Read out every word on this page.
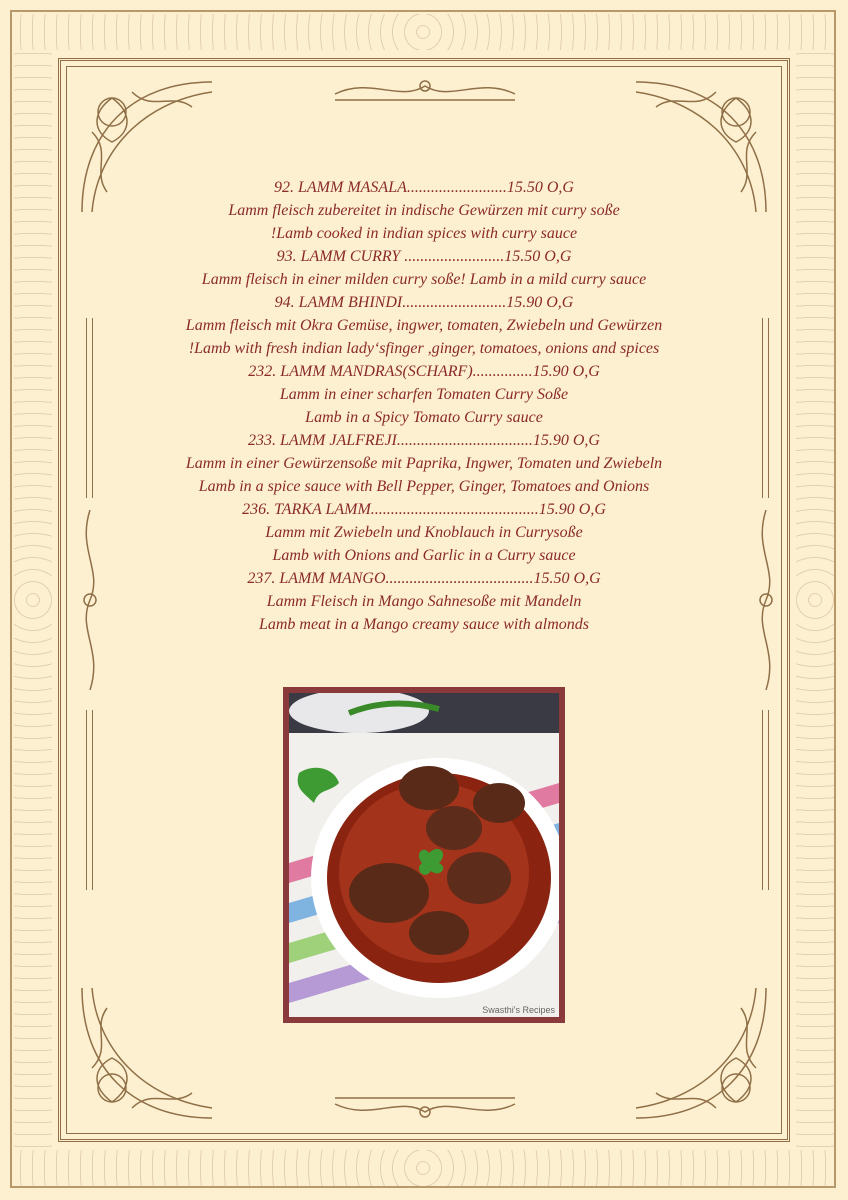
92. LAMM MASALA.........................15.50 O,G
Lamm fleisch zubereitet in indische Gewürzen mit curry soße
!Lamb cooked in indian spices with curry sauce
93. LAMM CURRY .........................15.50 O,G
Lamm fleisch in einer milden curry soße! Lamb in a mild curry sauce
94. LAMM BHINDI..........................15.90 O,G
Lamm fleisch mit Okra Gemüse, ingwer, tomaten, Zwiebeln und Gewürzen
!Lamb with fresh indian lady‘sfinger ,ginger, tomatoes, onions and spices
232. LAMM MANDRAS(SCHARF)...............15.90 O,G
Lamm in einer scharfen Tomaten Curry Soße
Lamb in a Spicy Tomato Curry sauce
233. LAMM JALFREJI..................................15.90 O,G
Lamm in einer Gewürzensoße mit Paprika, Ingwer, Tomaten und Zwiebeln
Lamb in a spice sauce with Bell Pepper, Ginger, Tomatoes and Onions
236. TARKA LAMM..........................................15.90 O,G
Lamm mit Zwiebeln und Knoblauch in Currysoße
Lamb with Onions and Garlic in a Curry sauce
237. LAMM MANGO.....................................15.50 O,G
Lamm Fleisch in Mango Sahnesoße mit Mandeln
Lamb meat in a Mango creamy sauce with almonds
Swasthi's Recipes
